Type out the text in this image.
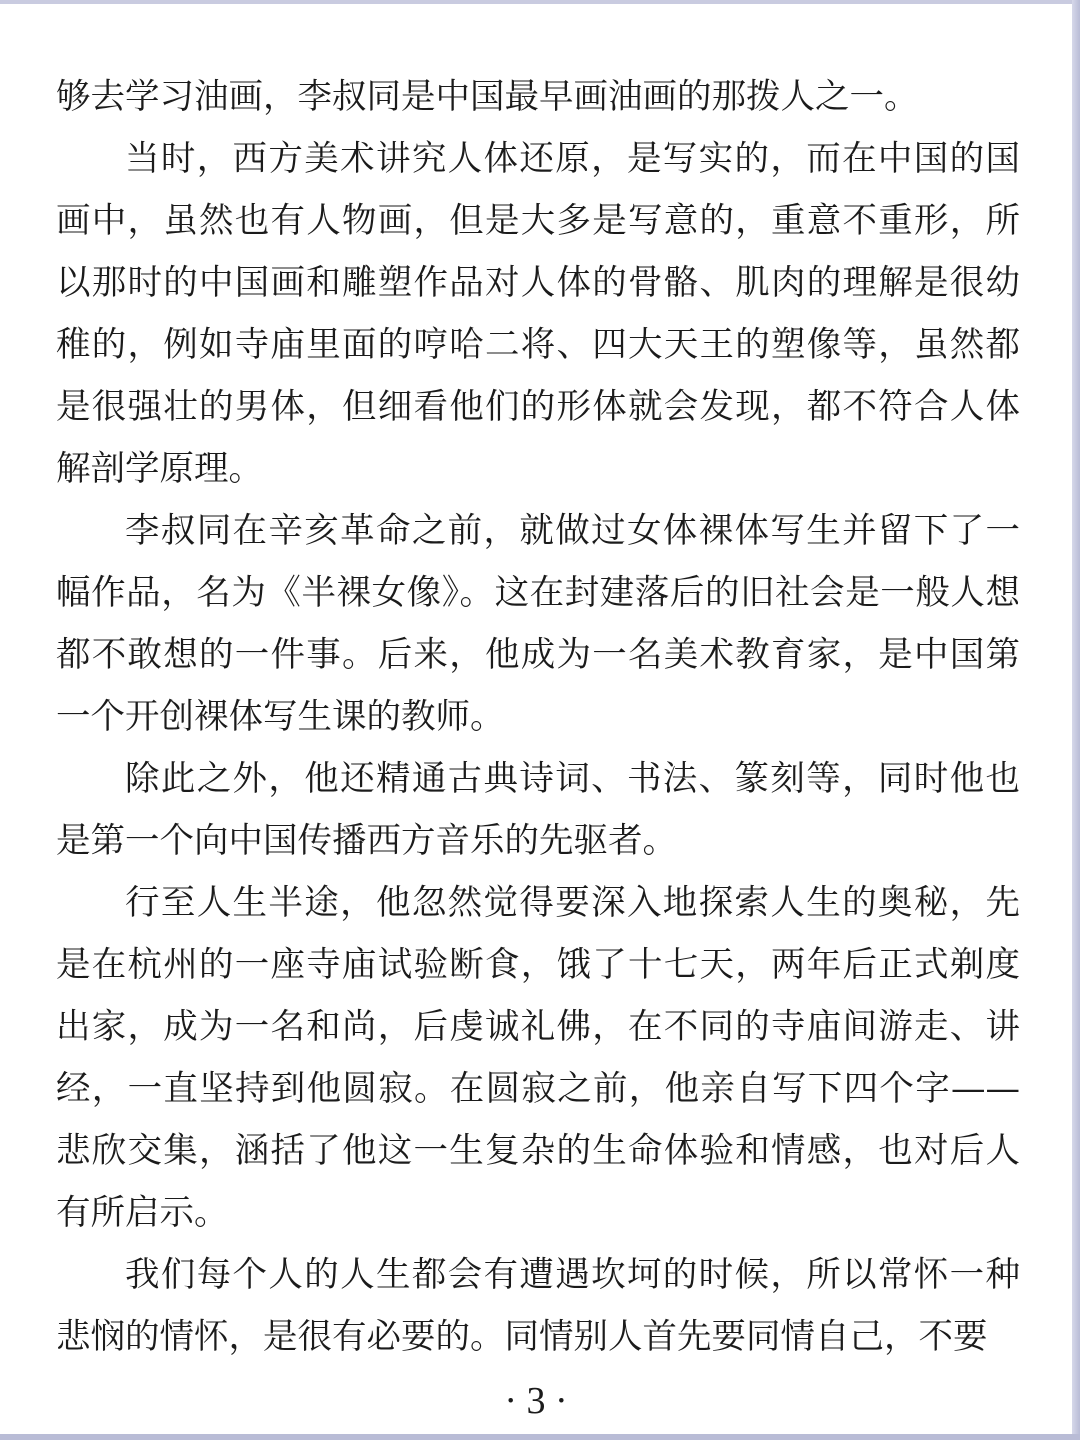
够去学习油画，李叔同是中国最早画油画的那拨人之一。

当时，西方美术讲究人体还原，是写实的，而在中国的国画中，虽然也有人物画，但是大多是写意的，重意不重形，所以那时的中国画和雕塑作品对人体的骨骼、肌肉的理解是很幼稚的，例如寺庙里面的哼哈二将、四大天王的塑像等，虽然都是很强壮的男体，但细看他们的形体就会发现，都不符合人体解剖学原理。

李叔同在辛亥革命之前，就做过女体裸体写生并留下了一幅作品，名为《半裸女像》。这在封建落后的旧社会是一般人想都不敢想的一件事。后来，他成为一名美术教育家，是中国第一个开创裸体写生课的教师。

除此之外，他还精通古典诗词、书法、篆刻等，同时他也是第一个向中国传播西方音乐的先驱者。

行至人生半途，他忽然觉得要深入地探索人生的奥秘，先是在杭州的一座寺庙试验断食，饿了十七天，两年后正式剃度出家，成为一名和尚，后虔诚礼佛，在不同的寺庙间游走、讲经，一直坚持到他圆寂。在圆寂之前，他亲自写下四个字——悲欣交集，涵括了他这一生复杂的生命体验和情感，也对后人有所启示。

我们每个人的人生都会有遭遇坎坷的时候，所以常怀一种悲悯的情怀，是很有必要的。同情别人首先要同情自己，不要

· 3 ·
